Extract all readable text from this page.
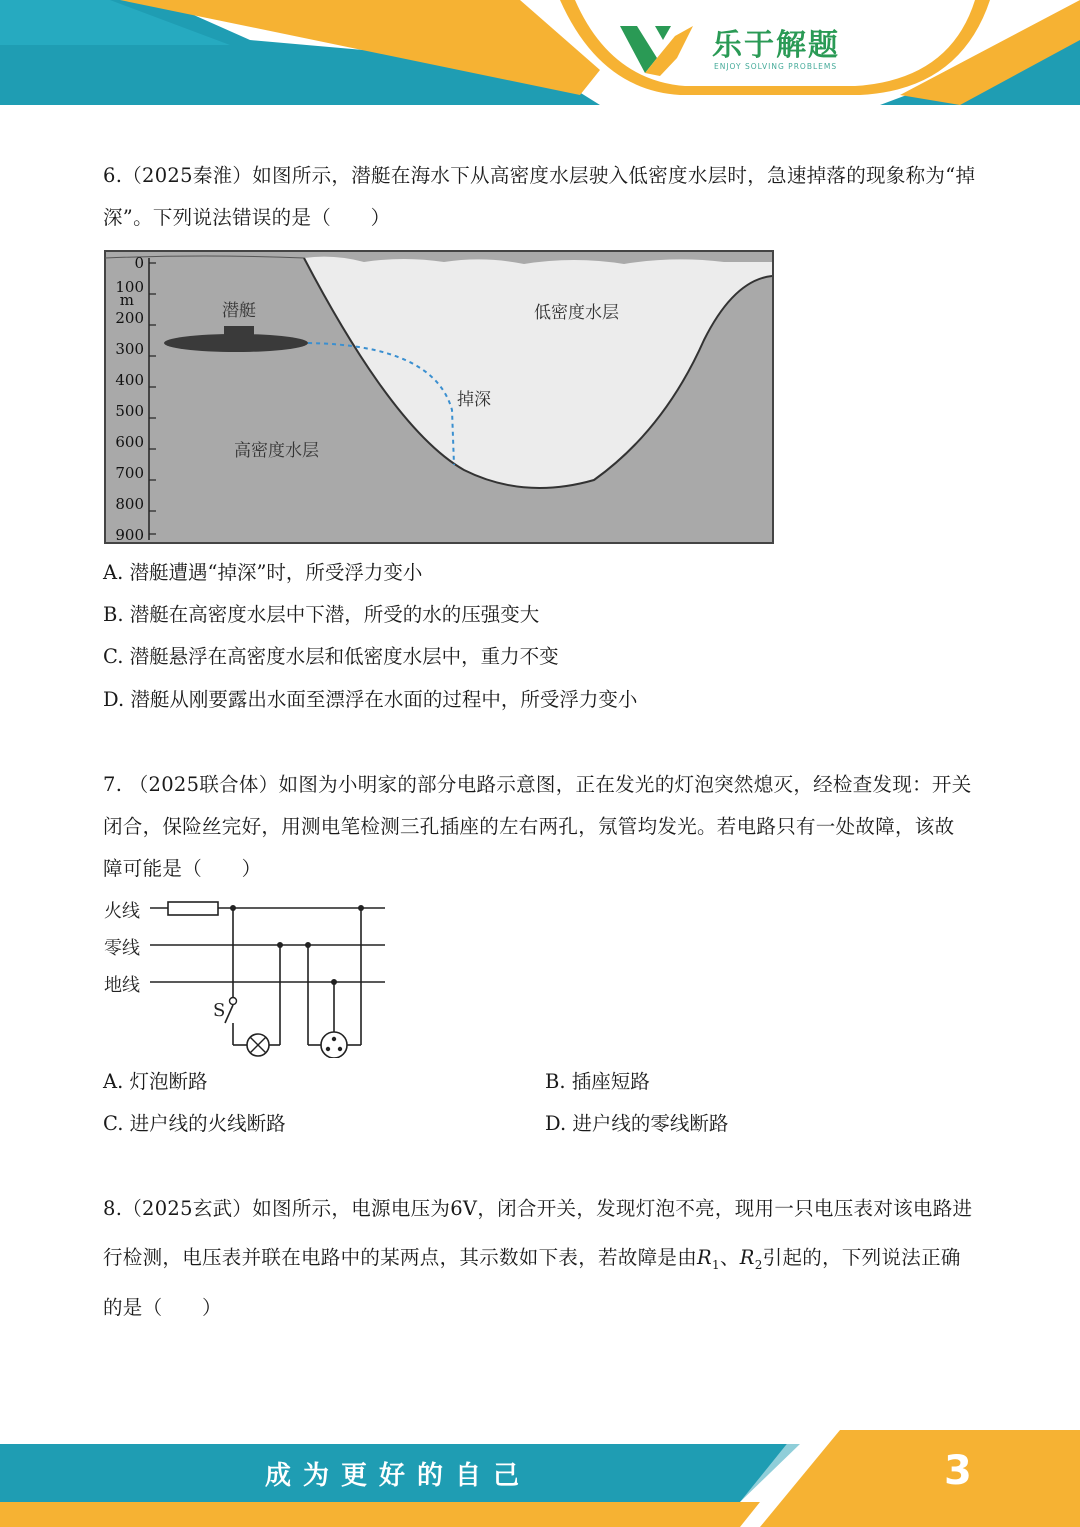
乐于解题
ENJOY SOLVING PROBLEMS
6.（2025秦淮）如图所示，潜艇在海水下从高密度水层驶入低密度水层时，急速掉落的现象称为“掉
深”。下列说法错误的是（　　）
0
100
m
200
300
400
500
600
700
800
900
潜艇	低密度水层
掉深
高密度水层
A. 潜艇遭遇“掉深”时，所受浮力变小
B. 潜艇在高密度水层中下潜，所受的水的压强变大
C. 潜艇悬浮在高密度水层和低密度水层中，重力不变
D. 潜艇从刚要露出水面至漂浮在水面的过程中，所受浮力变小
7. （2025联合体）如图为小明家的部分电路示意图，正在发光的灯泡突然熄灭，经检查发现：开关
闭合，保险丝完好，用测电笔检测三孔插座的左右两孔，氖管均发光。若电路只有一处故障，该故
障可能是（　　）
火线
零线
地线
S
A. 灯泡断路	B. 插座短路
C. 进户线的火线断路	D. 进户线的零线断路
8.（2025玄武）如图所示，电源电压为6V，闭合开关，发现灯泡不亮，现用一只电压表对该电路进
行检测，电压表并联在电路中的某两点，其示数如下表，若故障是由$R_1$、$R_2$引起的，下列说法正确
的是（　　）
成为更好的自己	3
